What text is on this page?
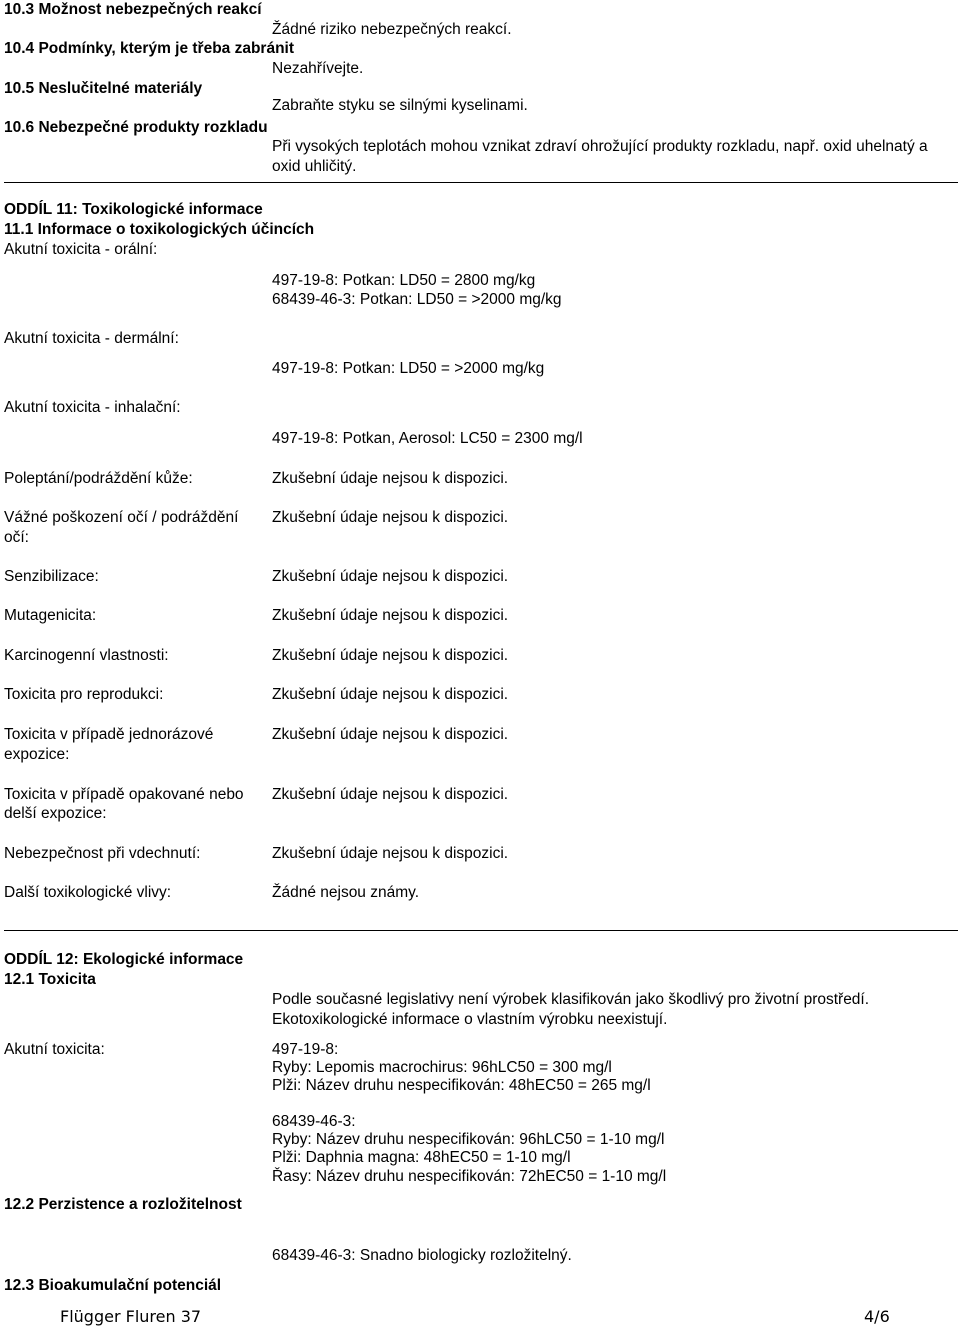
10.3 Možnost nebezpečných reakcí
Žádné riziko nebezpečných reakcí.
10.4 Podmínky, kterým je třeba zabránit
Nezahřívejte.
10.5 Neslučitelné materiály
Zabraňte styku se silnými kyselinami.
10.6 Nebezpečné produkty rozkladu
Při vysokých teplotách mohou vznikat zdraví ohrožující produkty rozkladu, např. oxid uhelnatý a
oxid uhličitý.
ODDÍL 11: Toxikologické informace
11.1 Informace o toxikologických účincích
Akutní toxicita - orální:
497-19-8: Potkan: LD50 = 2800 mg/kg
68439-46-3: Potkan: LD50 = >2000 mg/kg
Akutní toxicita - dermální:
497-19-8: Potkan: LD50 = >2000 mg/kg
Akutní toxicita - inhalační:
497-19-8: Potkan, Aerosol: LC50 = 2300 mg/l
Poleptání/podráždění kůže:	Zkušební údaje nejsou k dispozici.
Vážné poškození očí / podráždění
očí:
Zkušební údaje nejsou k dispozici.
Senzibilizace:	Zkušební údaje nejsou k dispozici.
Mutagenicita:	Zkušební údaje nejsou k dispozici.
Karcinogenní vlastnosti:	Zkušební údaje nejsou k dispozici.
Toxicita pro reprodukci:	Zkušební údaje nejsou k dispozici.
Toxicita v případě jednorázové
expozice:
Zkušební údaje nejsou k dispozici.
Toxicita v případě opakované nebo
delší expozice:
Zkušební údaje nejsou k dispozici.
Nebezpečnost při vdechnutí:	Zkušební údaje nejsou k dispozici.
Další toxikologické vlivy:	Žádné nejsou známy.
ODDÍL 12: Ekologické informace
12.1 Toxicita
Podle současné legislativy není výrobek klasifikován jako škodlivý pro životní prostředí.
Ekotoxikologické informace o vlastním výrobku neexistují.
Akutní toxicita:	497-19-8:
Ryby: Lepomis macrochirus: 96hLC50 = 300 mg/l
Plži: Název druhu nespecifikován: 48hEC50 = 265 mg/l
68439-46-3:
Ryby: Název druhu nespecifikován: 96hLC50 = 1-10 mg/l
Plži: Daphnia magna: 48hEC50 = 1-10 mg/l
Řasy: Název druhu nespecifikován: 72hEC50 = 1-10 mg/l
12.2 Perzistence a rozložitelnost
68439-46-3: Snadno biologicky rozložitelný.
12.3 Bioakumulační potenciál
Flügger Fluren 37	4/6
